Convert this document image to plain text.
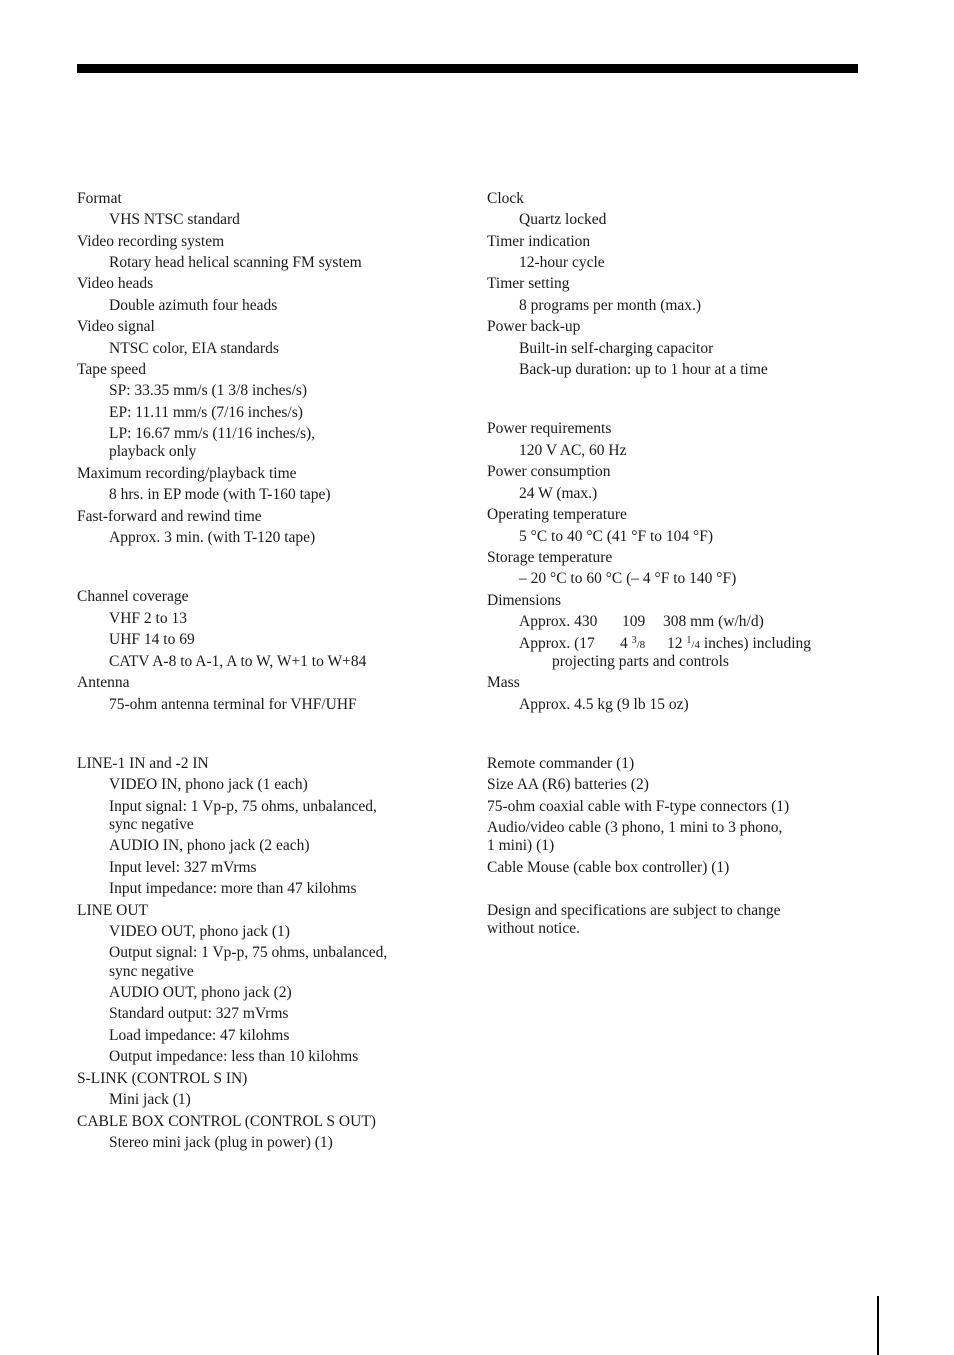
Format
VHS NTSC standard
Video recording system
Rotary head helical scanning FM system
Video heads
Double azimuth four heads
Video signal
NTSC color, EIA standards
Tape speed
SP: 33.35 mm/s (1 3/8 inches/s)
EP: 11.11 mm/s (7/16 inches/s)
LP: 16.67 mm/s (11/16 inches/s),
playback only
Maximum recording/playback time
8 hrs. in EP mode (with T-160 tape)
Fast-forward and rewind time
Approx. 3 min. (with T-120 tape)
Channel coverage
VHF 2 to 13
UHF 14 to 69
CATV A-8 to A-1, A to W, W+1 to W+84
Antenna
75-ohm antenna terminal for VHF/UHF
LINE-1 IN and -2 IN
VIDEO IN, phono jack (1 each)
Input signal: 1 Vp-p, 75 ohms, unbalanced,
sync negative
AUDIO IN, phono jack (2 each)
Input level: 327 mVrms
Input impedance: more than 47 kilohms
LINE OUT
VIDEO OUT, phono jack (1)
Output signal: 1 Vp-p, 75 ohms, unbalanced,
sync negative
AUDIO OUT, phono jack (2)
Standard output: 327 mVrms
Load impedance: 47 kilohms
Output impedance: less than 10 kilohms
S-LINK (CONTROL S IN)
Mini jack (1)
CABLE BOX CONTROL (CONTROL S OUT)
Stereo mini jack (plug in power) (1)
Clock
Quartz locked
Timer indication
12-hour cycle
Timer setting
8 programs per month (max.)
Power back-up
Built-in self-charging capacitor
Back-up duration: up to 1 hour at a time
Power requirements
120 V AC, 60 Hz
Power consumption
24 W (max.)
Operating temperature
5 °C to 40 °C (41 °F to 104 °F)
Storage temperature
– 20 °C to 60 °C (– 4 °F to 140 °F)
Dimensions
Approx. 430 109 308 mm (w/h/d)
Approx. (17 4 $^3$/8 12 $^1$/4 inches) including
projecting parts and controls
Mass
Approx. 4.5 kg (9 lb 15 oz)
Remote commander (1)
Size AA (R6) batteries (2)
75-ohm coaxial cable with F-type connectors (1)
Audio/video cable (3 phono, 1 mini to 3 phono,
1 mini) (1)
Cable Mouse (cable box controller) (1)
Design and specifications are subject to change
without notice.
